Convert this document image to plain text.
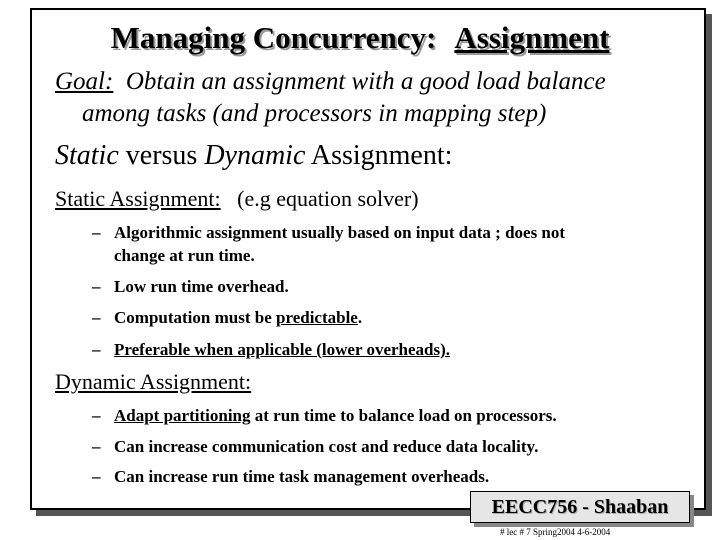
Managing Concurrency: Assignment
Goal: Obtain an assignment with a good load balance
among tasks (and processors in mapping step)
Static versus Dynamic Assignment:
Static Assignment: (e.g equation solver)
– Algorithmic assignment usually based on input data ; does not
change at run time.
– Low run time overhead.
– Computation must be predictable.
– Preferable when applicable (lower overheads).
Dynamic Assignment:
– Adapt partitioning at run time to balance load on processors.
– Can increase communication cost and reduce data locality.
– Can increase run time task management overheads.
EECC756 - Shaaban
# lec # 7 Spring2004 4-6-2004
